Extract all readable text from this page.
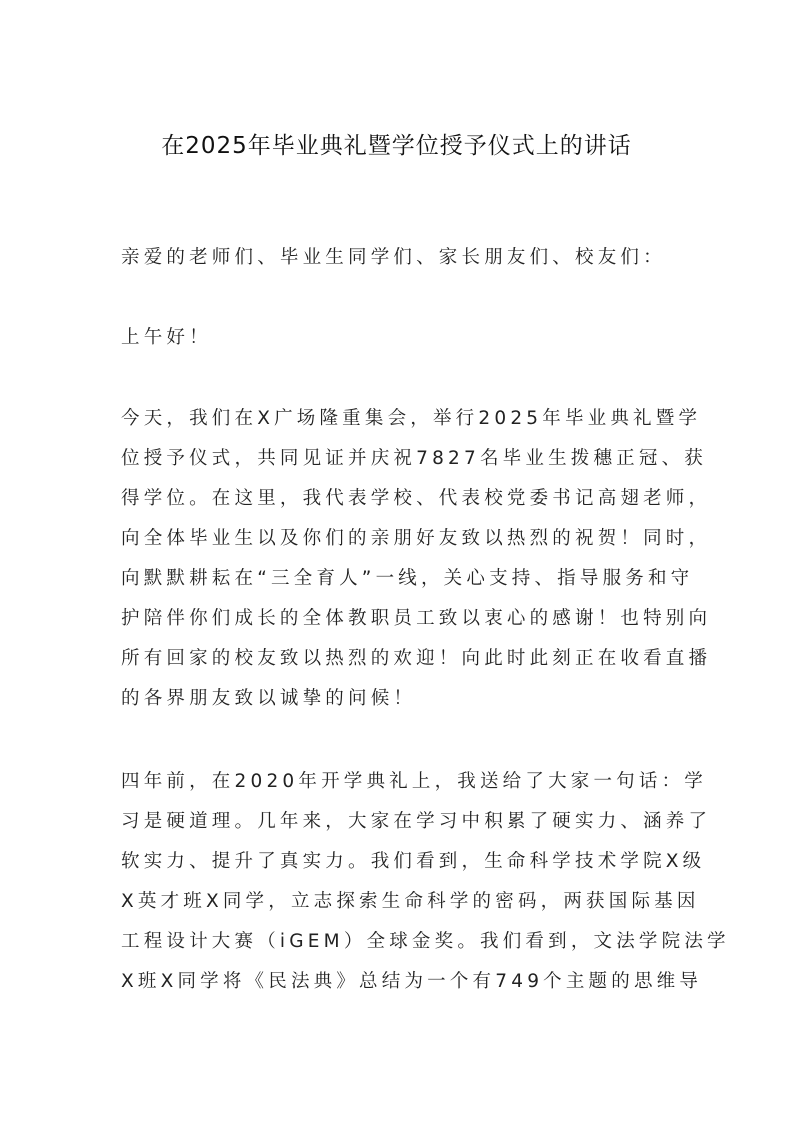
在2025年毕业典礼暨学位授予仪式上的讲话
亲爱的老师们、毕业生同学们、家长朋友们、校友们：
上午好！
今天，我们在X广场隆重集会，举行2025年毕业典礼暨学
位授予仪式，共同见证并庆祝7827名毕业生拨穗正冠、获
得学位。在这里，我代表学校、代表校党委书记高翅老师，
向全体毕业生以及你们的亲朋好友致以热烈的祝贺！同时，
向默默耕耘在“三全育人”一线，关心支持、指导服务和守
护陪伴你们成长的全体教职员工致以衷心的感谢！也特别向
所有回家的校友致以热烈的欢迎！向此时此刻正在收看直播
的各界朋友致以诚挚的问候！
四年前，在2020年开学典礼上，我送给了大家一句话：学
习是硬道理。几年来，大家在学习中积累了硬实力、涵养了
软实力、提升了真实力。我们看到，生命科学技术学院X级
X英才班X同学，立志探索生命科学的密码，两获国际基因
工程设计大赛（iGEM）全球金奖。我们看到，文法学院法学
X班X同学将《民法典》总结为一个有749个主题的思维导
